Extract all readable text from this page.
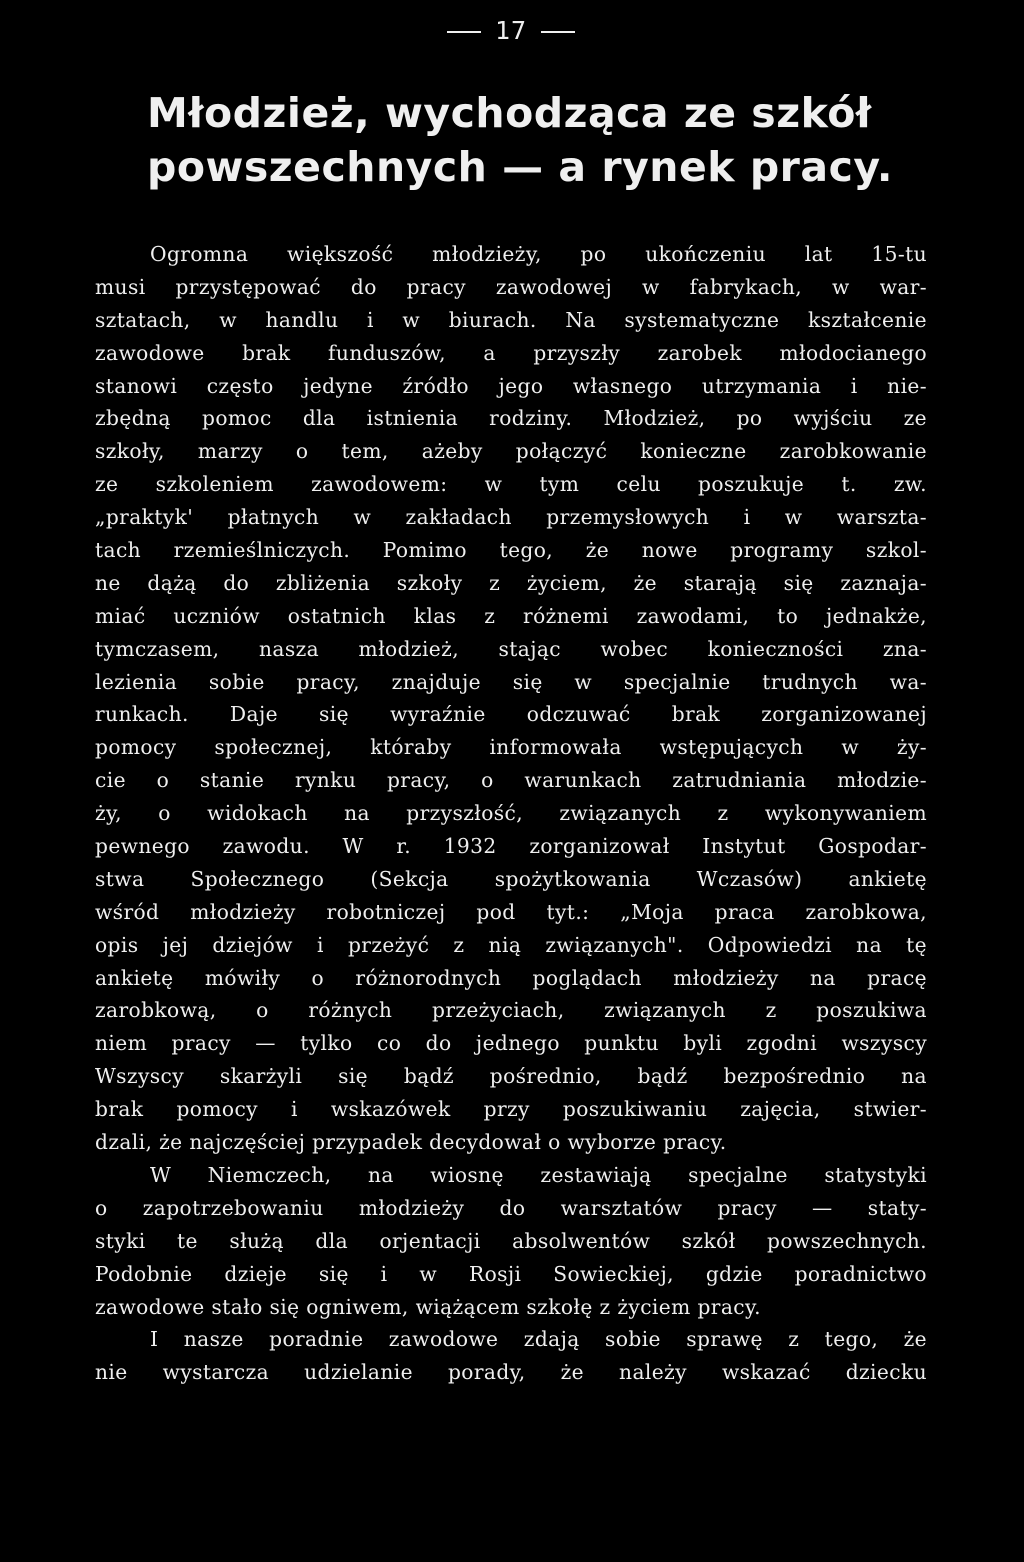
17
Młodzież, wychodząca ze szkół
powszechnych — a rynek pracy.
Ogromna większość młodzieży, po ukończeniu lat 15-tu
musi przystępować do pracy zawodowej w fabrykach, w war-
sztatach, w handlu i w biurach. Na systematyczne kształcenie
zawodowe brak funduszów, a przyszły zarobek młodocianego
stanowi często jedyne źródło jego własnego utrzymania i nie-
zbędną pomoc dla istnienia rodziny. Młodzież, po wyjściu ze
szkoły, marzy o tem, ażeby połączyć konieczne zarobkowanie
ze szkoleniem zawodowem: w tym celu poszukuje t. zw.
„praktyk' płatnych w zakładach przemysłowych i w warszta-
tach rzemieślniczych. Pomimo tego, że nowe programy szkol-
ne dążą do zbliżenia szkoły z życiem, że starają się zaznaja-
miać uczniów ostatnich klas z różnemi zawodami, to jednakże,
tymczasem, nasza młodzież, stając wobec konieczności zna-
lezienia sobie pracy, znajduje się w specjalnie trudnych wa-
runkach. Daje się wyraźnie odczuwać brak zorganizowanej
pomocy społecznej, któraby informowała wstępujących w ży-
cie o stanie rynku pracy, o warunkach zatrudniania młodzie-
ży, o widokach na przyszłość, związanych z wykonywaniem
pewnego zawodu. W r. 1932 zorganizował Instytut Gospodar-
stwa Społecznego (Sekcja spożytkowania Wczasów) ankietę
wśród młodzieży robotniczej pod tyt.: „Moja praca zarobkowa,
opis jej dziejów i przeżyć z nią związanych". Odpowiedzi na tę
ankietę mówiły o różnorodnych poglądach młodzieży na pracę
zarobkową, o różnych przeżyciach, związanych z poszukiwa
niem pracy — tylko co do jednego punktu byli zgodni wszyscy
Wszyscy skarżyli się bądź pośrednio, bądź bezpośrednio na
brak pomocy i wskazówek przy poszukiwaniu zajęcia, stwier-
dzali, że najczęściej przypadek decydował o wyborze pracy.
W Niemczech, na wiosnę zestawiają specjalne statystyki
o zapotrzebowaniu młodzieży do warsztatów pracy — staty-
styki te służą dla orjentacji absolwentów szkół powszechnych.
Podobnie dzieje się i w Rosji Sowieckiej, gdzie poradnictwo
zawodowe stało się ogniwem, wiążącem szkołę z życiem pracy.
I nasze poradnie zawodowe zdają sobie sprawę z tego, że
nie wystarcza udzielanie porady, że należy wskazać dziecku
